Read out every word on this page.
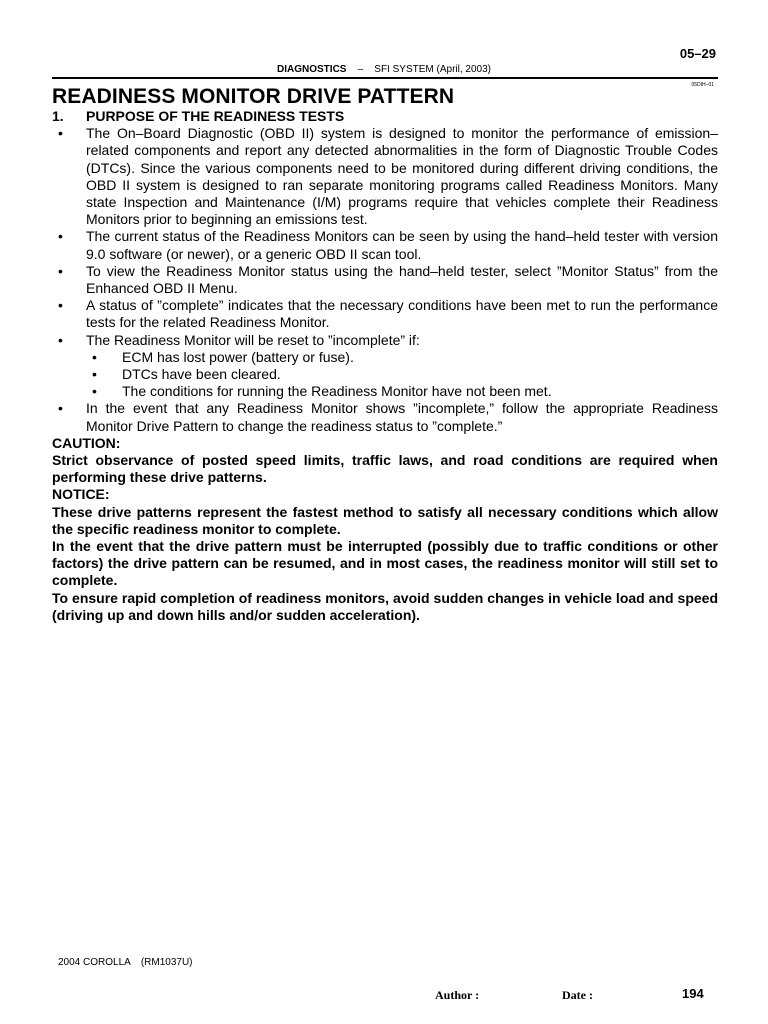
05–29
DIAGNOSTICS – SFI SYSTEM (April, 2003)
05DIH–01
READINESS MONITOR DRIVE PATTERN
1.	PURPOSE OF THE READINESS TESTS
•	The On–Board Diagnostic (OBD II) system is designed to monitor the performance of emission–related components and report any detected abnormalities in the form of Diagnostic Trouble Codes (DTCs). Since the various components need to be monitored during different driving conditions, the OBD II system is designed to ran separate monitoring programs called Readiness Monitors. Many state Inspection and Maintenance (I/M) programs require that vehicles complete their Readiness Monitors prior to beginning an emissions test.
•	The current status of the Readiness Monitors can be seen by using the hand–held tester with version 9.0 software (or newer), or a generic OBD II scan tool.
•	To view the Readiness Monitor status using the hand–held tester, select ”Monitor Status” from the Enhanced OBD II Menu.
•	A status of ”complete” indicates that the necessary conditions have been met to run the performance tests for the related Readiness Monitor.
•	The Readiness Monitor will be reset to ”incomplete” if:
•	ECM has lost power (battery or fuse).
•	DTCs have been cleared.
•	The conditions for running the Readiness Monitor have not been met.
•	In the event that any Readiness Monitor shows ”incomplete,” follow the appropriate Readiness Monitor Drive Pattern to change the readiness status to ”complete.”
CAUTION:
Strict observance of posted speed limits, traffic laws, and road conditions are required when performing these drive patterns.
NOTICE:
These drive patterns represent the fastest method to satisfy all necessary conditions which allow the specific readiness monitor to complete.
In the event that the drive pattern must be interrupted (possibly due to traffic conditions or other factors) the drive pattern can be resumed, and in most cases, the readiness monitor will still set to complete.
To ensure rapid completion of readiness monitors, avoid sudden changes in vehicle load and speed (driving up and down hills and/or sudden acceleration).
2004 COROLLA (RM1037U)
Author :	Date :	194
